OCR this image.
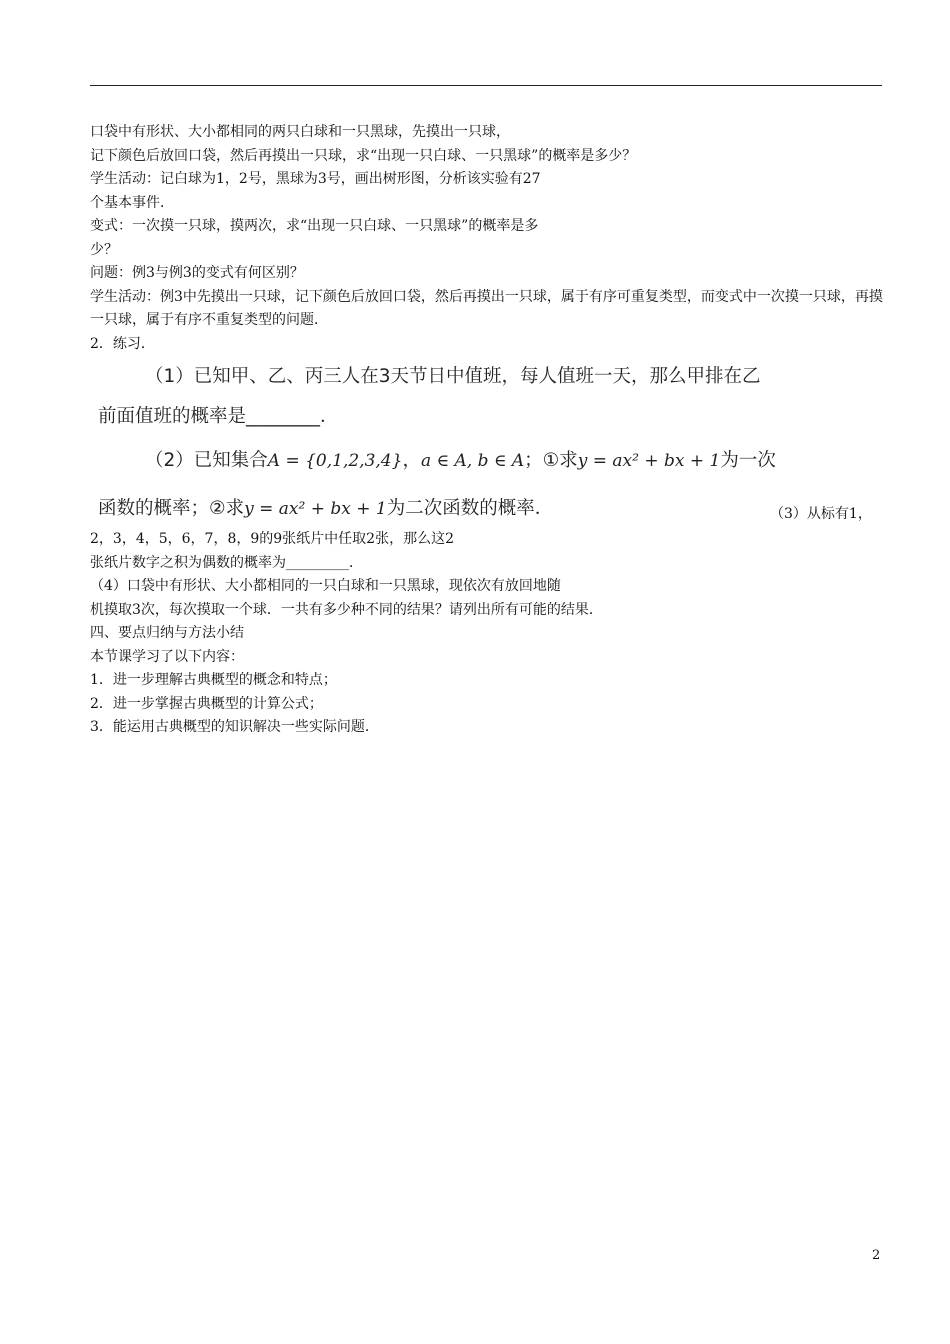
口袋中有形状、大小都相同的两只白球和一只黑球，先摸出一只球，
记下颜色后放回口袋，然后再摸出一只球，求“出现一只白球、一只黑球”的概率是多少？
学生活动：记白球为1，2号，黑球为3号，画出树形图，分析该实验有27
个基本事件．
变式：一次摸一只球，摸两次，求“出现一只白球、一只黑球”的概率是多
少？
问题：例3与例3的变式有何区别？
学生活动：例3中先摸出一只球，记下颜色后放回口袋，然后再摸出一只球，属于有序可重复类型，而变式中一次摸一只球，再摸一只球，属于有序不重复类型的问题．
2．练习．
（1）已知甲、乙、丙三人在3天节日中值班，每人值班一天，那么甲排在乙
前面值班的概率是________．
（2）已知集合A = {0,1,2,3,4}，a ∈ A, b ∈ A；①求y = ax² + bx + 1为一次
函数的概率；②求y = ax² + bx + 1为二次函数的概率．	（3）从标有1，
2，3，4，5，6，7，8，9的9张纸片中任取2张，那么这2
张纸片数字之积为偶数的概率为_________．
（4）口袋中有形状、大小都相同的一只白球和一只黑球，现依次有放回地随
机摸取3次，每次摸取一个球．一共有多少种不同的结果？请列出所有可能的结果．
四、要点归纳与方法小结
本节课学习了以下内容：
1．进一步理解古典概型的概念和特点；
2．进一步掌握古典概型的计算公式；
3．能运用古典概型的知识解决一些实际问题．
2
